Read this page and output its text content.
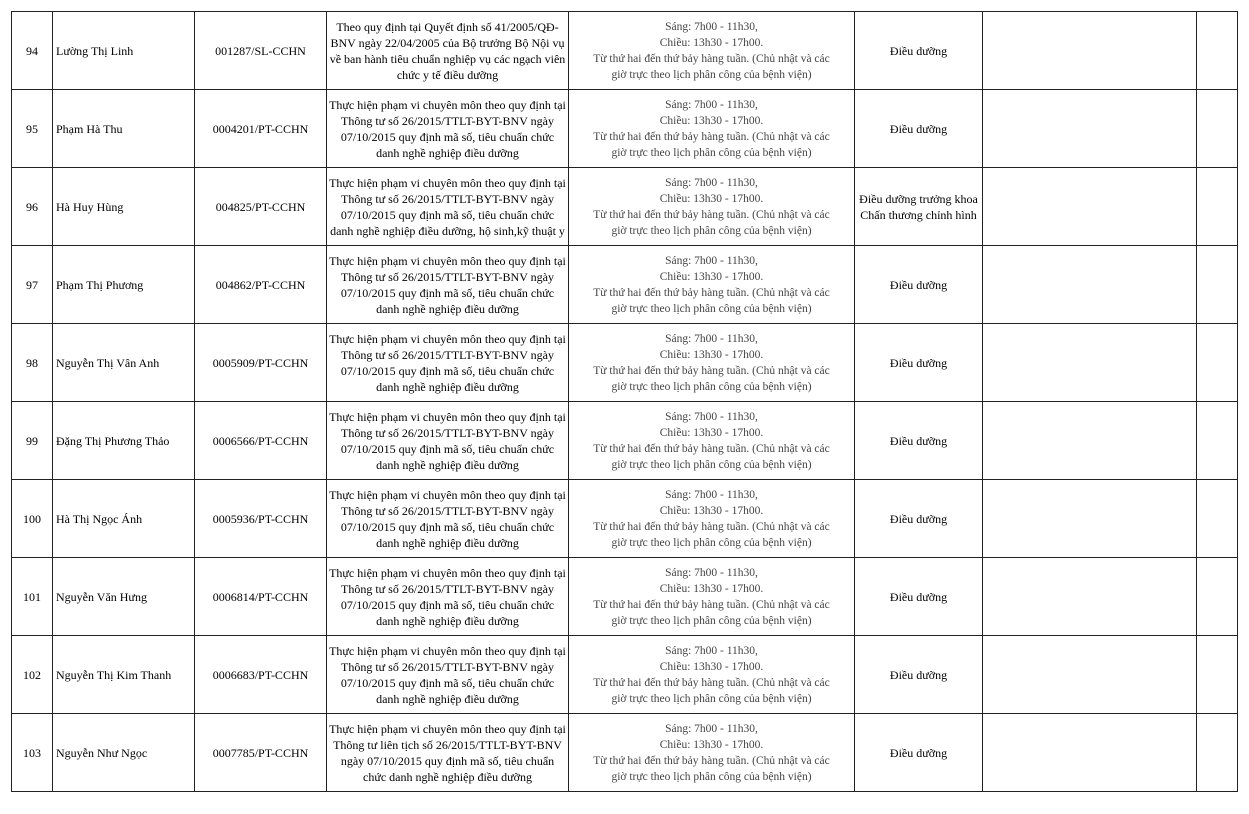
94	Lường Thị Linh	001287/SL-CCHN	Theo quy định tại Quyết định số 41/2005/QĐ-BNV ngày 22/04/2005 của Bộ trưởng Bộ Nội vụ về ban hành tiêu chuẩn nghiệp vụ các ngạch viên chức y tế điều dưỡng	Sáng: 7h00 - 11h30,
Chiều: 13h30 - 17h00.
Từ thứ hai đến thứ bảy hàng tuần. (Chủ nhật và các
giờ trực theo lịch phân công của bệnh viện)	Điều dưỡng		
95	Phạm Hà Thu	0004201/PT-CCHN	Thực hiện phạm vi chuyên môn theo quy định tại Thông tư số 26/2015/TTLT-BYT-BNV ngày 07/10/2015 quy định mã số, tiêu chuẩn chức danh nghề nghiệp điều dưỡng	Sáng: 7h00 - 11h30,
Chiều: 13h30 - 17h00.
Từ thứ hai đến thứ bảy hàng tuần. (Chủ nhật và các
giờ trực theo lịch phân công của bệnh viện)	Điều dưỡng		
96	Hà Huy Hùng	004825/PT-CCHN	Thực hiện phạm vi chuyên môn theo quy định tại Thông tư số 26/2015/TTLT-BYT-BNV ngày 07/10/2015 quy định mã số, tiêu chuẩn chức danh nghề nghiệp điều dưỡng, hộ sinh,kỹ thuật y	Sáng: 7h00 - 11h30,
Chiều: 13h30 - 17h00.
Từ thứ hai đến thứ bảy hàng tuần. (Chủ nhật và các
giờ trực theo lịch phân công của bệnh viện)	Điều dưỡng trưởng khoa Chấn thương chỉnh hình		
97	Phạm Thị Phương	004862/PT-CCHN	Thực hiện phạm vi chuyên môn theo quy định tại Thông tư số 26/2015/TTLT-BYT-BNV ngày 07/10/2015 quy định mã số, tiêu chuẩn chức danh nghề nghiệp điều dưỡng	Sáng: 7h00 - 11h30,
Chiều: 13h30 - 17h00.
Từ thứ hai đến thứ bảy hàng tuần. (Chủ nhật và các
giờ trực theo lịch phân công của bệnh viện)	Điều dưỡng		
98	Nguyễn Thị Vân Anh	0005909/PT-CCHN	Thực hiện phạm vi chuyên môn theo quy định tại Thông tư số 26/2015/TTLT-BYT-BNV ngày 07/10/2015 quy định mã số, tiêu chuẩn chức danh nghề nghiệp điều dưỡng	Sáng: 7h00 - 11h30,
Chiều: 13h30 - 17h00.
Từ thứ hai đến thứ bảy hàng tuần. (Chủ nhật và các
giờ trực theo lịch phân công của bệnh viện)	Điều dưỡng		
99	Đặng Thị Phương Thảo	0006566/PT-CCHN	Thực hiện phạm vi chuyên môn theo quy định tại Thông tư số 26/2015/TTLT-BYT-BNV ngày 07/10/2015 quy định mã số, tiêu chuẩn chức danh nghề nghiệp điều dưỡng	Sáng: 7h00 - 11h30,
Chiều: 13h30 - 17h00.
Từ thứ hai đến thứ bảy hàng tuần. (Chủ nhật và các
giờ trực theo lịch phân công của bệnh viện)	Điều dưỡng		
100	Hà Thị Ngọc Ánh	0005936/PT-CCHN	Thực hiện phạm vi chuyên môn theo quy định tại Thông tư số 26/2015/TTLT-BYT-BNV ngày 07/10/2015 quy định mã số, tiêu chuẩn chức danh nghề nghiệp điều dưỡng	Sáng: 7h00 - 11h30,
Chiều: 13h30 - 17h00.
Từ thứ hai đến thứ bảy hàng tuần. (Chủ nhật và các
giờ trực theo lịch phân công của bệnh viện)	Điều dưỡng		
101	Nguyễn Văn Hưng	0006814/PT-CCHN	Thực hiện phạm vi chuyên môn theo quy định tại Thông tư số 26/2015/TTLT-BYT-BNV ngày 07/10/2015 quy định mã số, tiêu chuẩn chức danh nghề nghiệp điều dưỡng	Sáng: 7h00 - 11h30,
Chiều: 13h30 - 17h00.
Từ thứ hai đến thứ bảy hàng tuần. (Chủ nhật và các
giờ trực theo lịch phân công của bệnh viện)	Điều dưỡng		
102	Nguyễn Thị Kim Thanh	0006683/PT-CCHN	Thực hiện phạm vi chuyên môn theo quy định tại Thông tư số 26/2015/TTLT-BYT-BNV ngày 07/10/2015 quy định mã số, tiêu chuẩn chức danh nghề nghiệp điều dưỡng	Sáng: 7h00 - 11h30,
Chiều: 13h30 - 17h00.
Từ thứ hai đến thứ bảy hàng tuần. (Chủ nhật và các
giờ trực theo lịch phân công của bệnh viện)	Điều dưỡng		
103	Nguyễn Như Ngọc	0007785/PT-CCHN	Thực hiện phạm vi chuyên môn theo quy định tại Thông tư liên tịch số 26/2015/TTLT-BYT-BNV ngày 07/10/2015 quy định mã số, tiêu chuẩn chức danh nghề nghiệp điều dưỡng	Sáng: 7h00 - 11h30,
Chiều: 13h30 - 17h00.
Từ thứ hai đến thứ bảy hàng tuần. (Chủ nhật và các
giờ trực theo lịch phân công của bệnh viện)	Điều dưỡng		
